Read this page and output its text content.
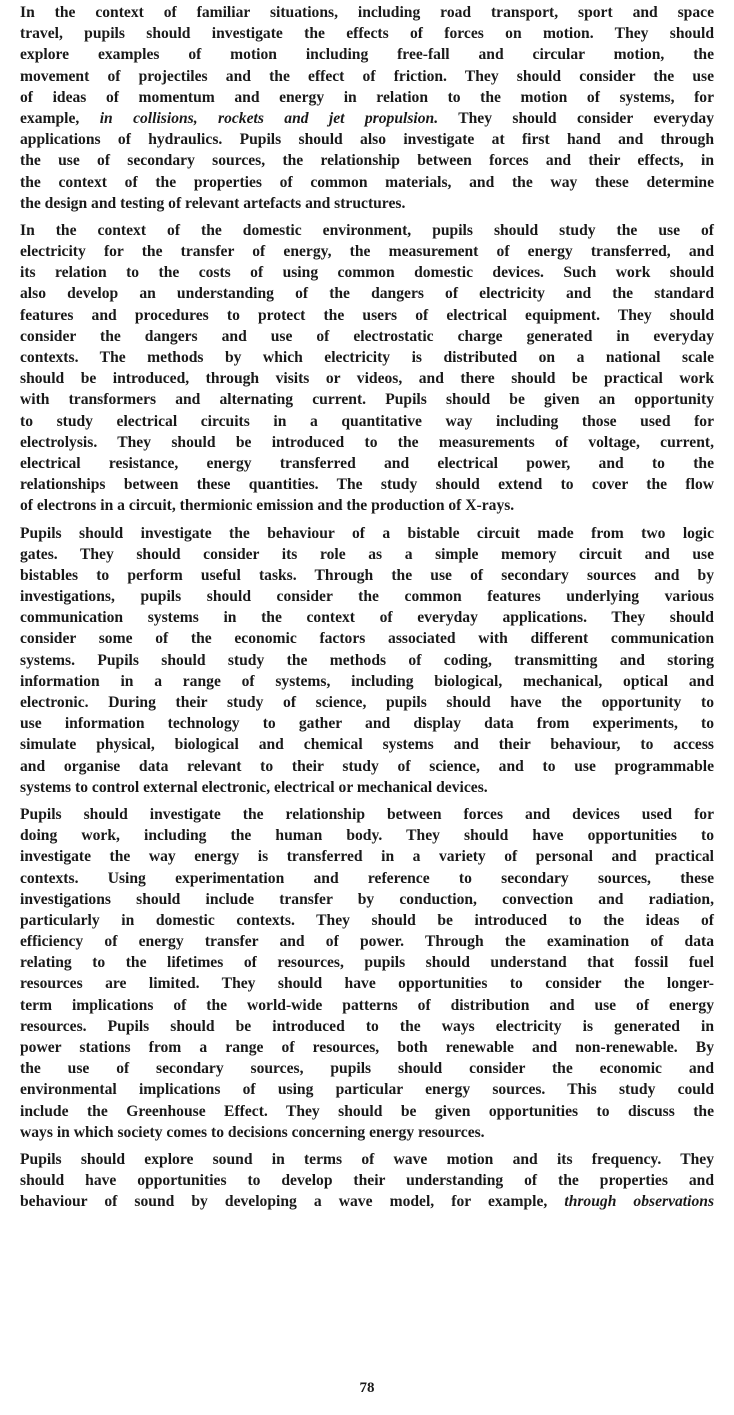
In the context of familiar situations, including road transport, sport and space
travel, pupils should investigate the effects of forces on motion. They should
explore examples of motion including free-fall and circular motion, the
movement of projectiles and the effect of friction. They should consider the use
of ideas of momentum and energy in relation to the motion of systems, for
example, in collisions, rockets and jet propulsion. They should consider everyday
applications of hydraulics. Pupils should also investigate at first hand and through
the use of secondary sources, the relationship between forces and their effects, in
the context of the properties of common materials, and the way these determine
the design and testing of relevant artefacts and structures.
In the context of the domestic environment, pupils should study the use of
electricity for the transfer of energy, the measurement of energy transferred, and
its relation to the costs of using common domestic devices. Such work should
also develop an understanding of the dangers of electricity and the standard
features and procedures to protect the users of electrical equipment. They should
consider the dangers and use of electrostatic charge generated in everyday
contexts. The methods by which electricity is distributed on a national scale
should be introduced, through visits or videos, and there should be practical work
with transformers and alternating current. Pupils should be given an opportunity
to study electrical circuits in a quantitative way including those used for
electrolysis. They should be introduced to the measurements of voltage, current,
electrical resistance, energy transferred and electrical power, and to the
relationships between these quantities. The study should extend to cover the flow
of electrons in a circuit, thermionic emission and the production of X-rays.
Pupils should investigate the behaviour of a bistable circuit made from two logic
gates. They should consider its role as a simple memory circuit and use
bistables to perform useful tasks. Through the use of secondary sources and by
investigations, pupils should consider the common features underlying various
communication systems in the context of everyday applications. They should
consider some of the economic factors associated with different communication
systems. Pupils should study the methods of coding, transmitting and storing
information in a range of systems, including biological, mechanical, optical and
electronic. During their study of science, pupils should have the opportunity to
use information technology to gather and display data from experiments, to
simulate physical, biological and chemical systems and their behaviour, to access
and organise data relevant to their study of science, and to use programmable
systems to control external electronic, electrical or mechanical devices.
Pupils should investigate the relationship between forces and devices used for
doing work, including the human body. They should have opportunities to
investigate the way energy is transferred in a variety of personal and practical
contexts. Using experimentation and reference to secondary sources, these
investigations should include transfer by conduction, convection and radiation,
particularly in domestic contexts. They should be introduced to the ideas of
efficiency of energy transfer and of power. Through the examination of data
relating to the lifetimes of resources, pupils should understand that fossil fuel
resources are limited. They should have opportunities to consider the longer-
term implications of the world-wide patterns of distribution and use of energy
resources. Pupils should be introduced to the ways electricity is generated in
power stations from a range of resources, both renewable and non-renewable. By
the use of secondary sources, pupils should consider the economic and
environmental implications of using particular energy sources. This study could
include the Greenhouse Effect. They should be given opportunities to discuss the
ways in which society comes to decisions concerning energy resources.
Pupils should explore sound in terms of wave motion and its frequency. They
should have opportunities to develop their understanding of the properties and
behaviour of sound by developing a wave model, for example, through observations
78
